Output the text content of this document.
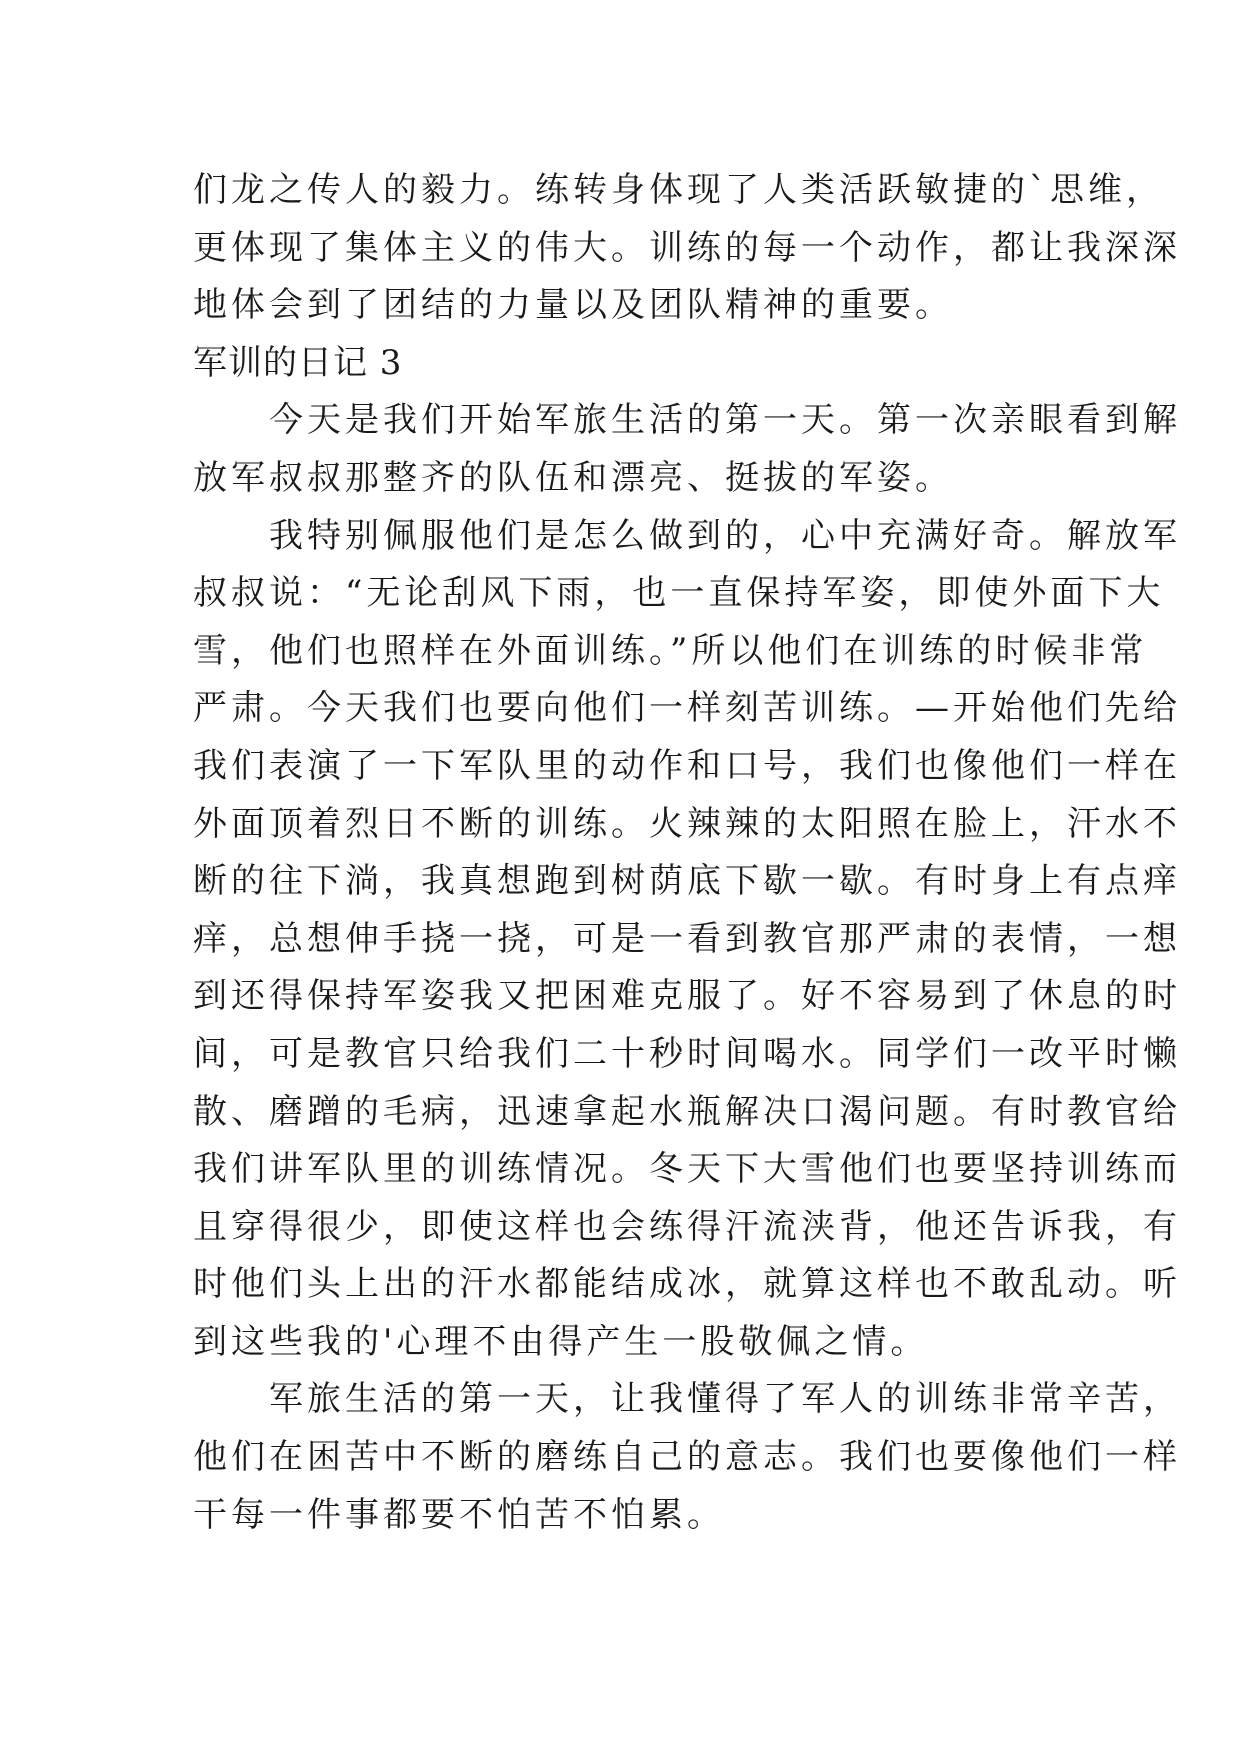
们龙之传人的毅力。练转身体现了人类活跃敏捷的`思维，
更体现了集体主义的伟大。训练的每一个动作，都让我深深
地体会到了团结的力量以及团队精神的重要。
军训的日记 3
　　今天是我们开始军旅生活的第一天。第一次亲眼看到解
放军叔叔那整齐的队伍和漂亮、挺拔的军姿。
　　我特别佩服他们是怎么做到的，心中充满好奇。解放军
叔叔说：“无论刮风下雨，也一直保持军姿，即使外面下大
雪，他们也照样在外面训练。”所以他们在训练的时候非常
严肃。今天我们也要向他们一样刻苦训练。—开始他们先给
我们表演了一下军队里的动作和口号，我们也像他们一样在
外面顶着烈日不断的训练。火辣辣的太阳照在脸上，汗水不
断的往下淌，我真想跑到树荫底下歇一歇。有时身上有点痒
痒，总想伸手挠一挠，可是一看到教官那严肃的表情，一想
到还得保持军姿我又把困难克服了。好不容易到了休息的时
间，可是教官只给我们二十秒时间喝水。同学们一改平时懒
散、磨蹭的毛病，迅速拿起水瓶解决口渴问题。有时教官给
我们讲军队里的训练情况。冬天下大雪他们也要坚持训练而
且穿得很少，即使这样也会练得汗流浃背，他还告诉我，有
时他们头上出的汗水都能结成冰，就算这样也不敢乱动。听
到这些我的'心理不由得产生一股敬佩之情。
　　军旅生活的第一天，让我懂得了军人的训练非常辛苦，
他们在困苦中不断的磨练自己的意志。我们也要像他们一样
干每一件事都要不怕苦不怕累。
